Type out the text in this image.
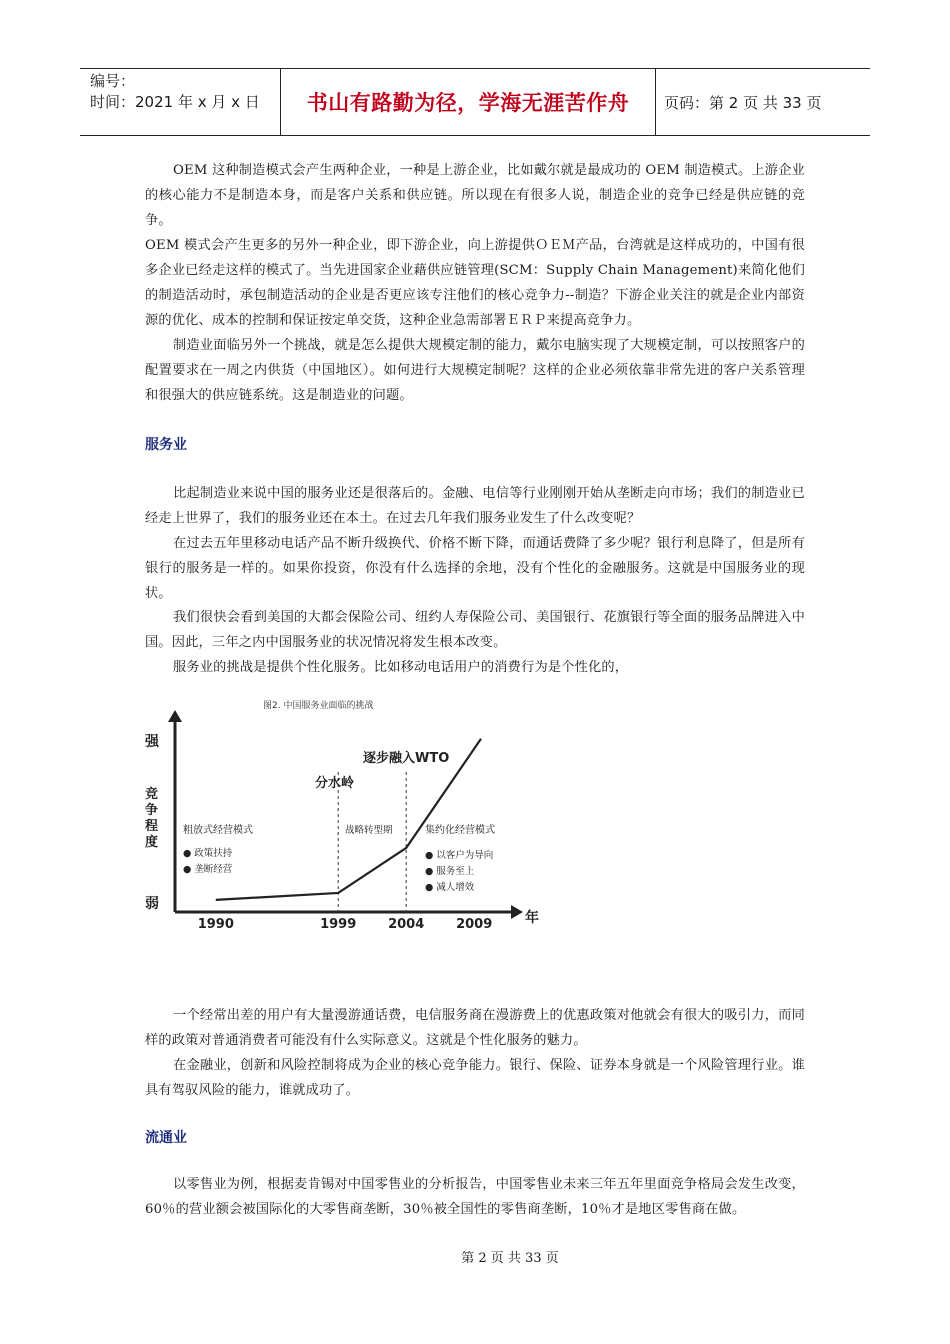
编号：
时间：2021 年 x 月 x 日	书山有路勤为径，学海无涯苦作舟	页码：第 2 页 共 33 页

OEM 这种制造模式会产生两种企业，一种是上游企业，比如戴尔就是最成功的 OEM 制造模式。上游企业的核心能力不是制造本身，而是客户关系和供应链。所以现在有很多人说，制造企业的竞争已经是供应链的竞争。

OEM 模式会产生更多的另外一种企业，即下游企业，向上游提供ＯＥＭ产品，台湾就是这样成功的，中国有很多企业已经走这样的模式了。当先进国家企业藉供应链管理(SCM：Supply Chain Management)来简化他们的制造活动时，承包制造活动的企业是否更应该专注他们的核心竞争力--制造？下游企业关注的就是企业内部资源的优化、成本的控制和保证按定单交货，这种企业急需部署ＥＲＰ来提高竞争力。

制造业面临另外一个挑战，就是怎么提供大规模定制的能力，戴尔电脑实现了大规模定制，可以按照客户的配置要求在一周之内供货（中国地区）。如何进行大规模定制呢？这样的企业必须依靠非常先进的客户关系管理和很强大的供应链系统。这是制造业的问题。

服务业

比起制造业来说中国的服务业还是很落后的。金融、电信等行业刚刚开始从垄断走向市场；我们的制造业已经走上世界了，我们的服务业还在本土。在过去几年我们服务业发生了什么改变呢？

在过去五年里移动电话产品不断升级换代、价格不断下降，而通话费降了多少呢？银行利息降了，但是所有银行的服务是一样的。如果你投资，你没有什么选择的余地，没有个性化的金融服务。这就是中国服务业的现状。

我们很快会看到美国的大都会保险公司、纽约人寿保险公司、美国银行、花旗银行等全面的服务品牌进入中国。因此，三年之内中国服务业的状况情况将发生根本改变。

服务业的挑战是提供个性化服务。比如移动电话用户的消费行为是个性化的，

图2. 中国服务业面临的挑战
强
竞争程度
弱
年
1990	1999 2004 2009
分水岭
逐步融入WTO
粗放式经营模式
● 政策扶持
● 垄断经营
战略转型期	集约化经营模式
● 以客户为导向
● 服务至上
● 减人增效

一个经常出差的用户有大量漫游通话费，电信服务商在漫游费上的优惠政策对他就会有很大的吸引力，而同样的政策对普通消费者可能没有什么实际意义。这就是个性化服务的魅力。

在金融业，创新和风险控制将成为企业的核心竞争能力。银行、保险、证券本身就是一个风险管理行业。谁具有驾驭风险的能力，谁就成功了。

流通业

以零售业为例，根据麦肯锡对中国零售业的分析报告，中国零售业未来三年五年里面竞争格局会发生改变，60％的营业额会被国际化的大零售商垄断，30％被全国性的零售商垄断，10％才是地区零售商在做。

第 2 页 共 33 页
